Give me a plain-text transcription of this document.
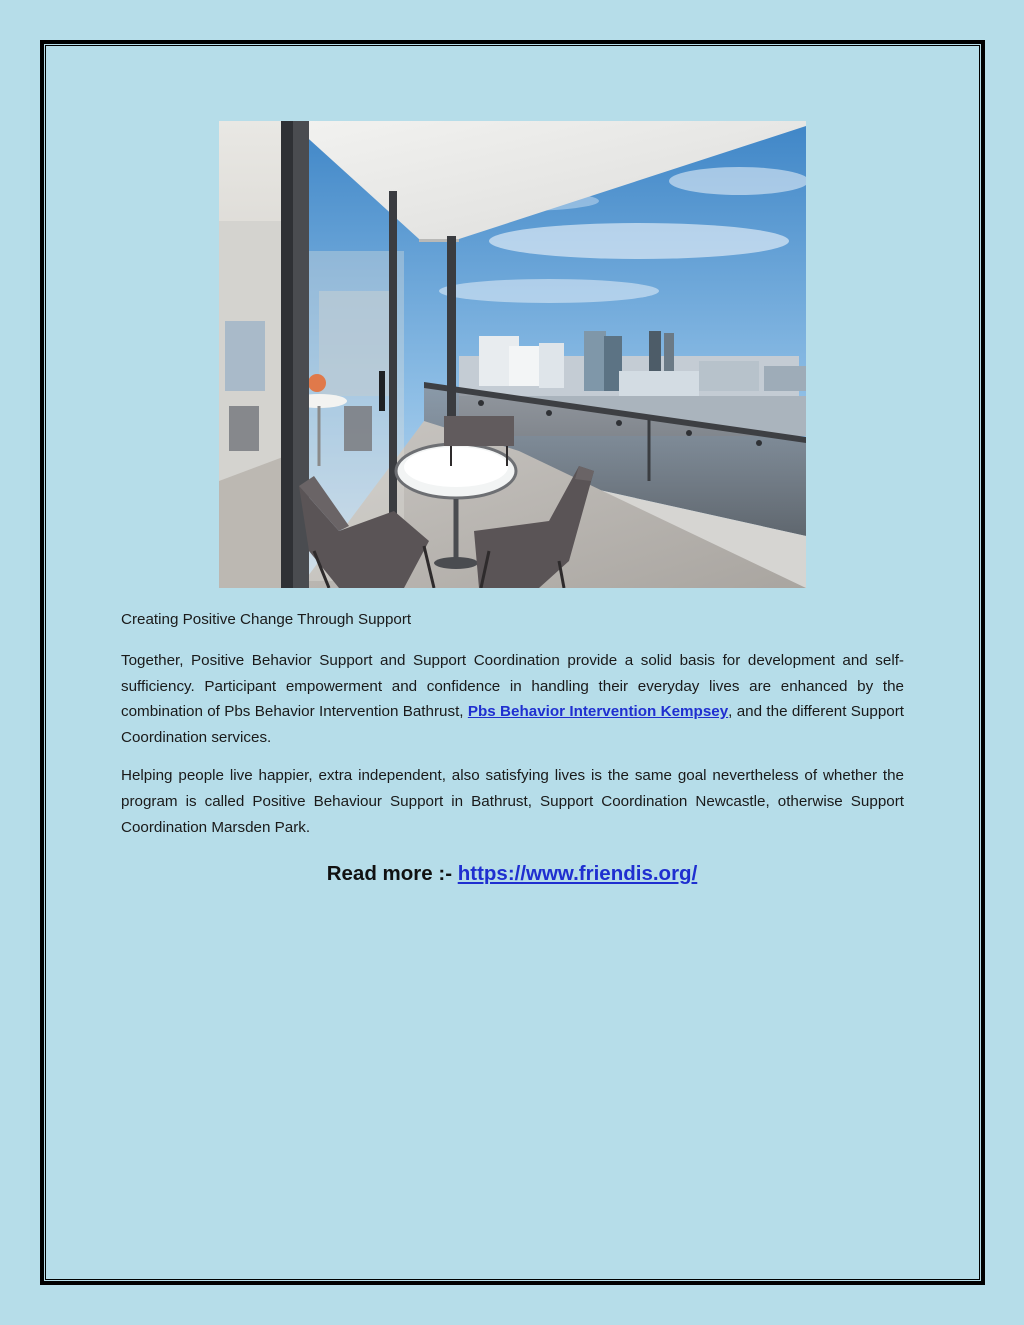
Creating Positive Change Through Support

Together, Positive Behavior Support and Support Coordination provide a solid basis for development and self-sufficiency. Participant empowerment and confidence in handling their everyday lives are enhanced by the combination of Pbs Behavior Intervention Bathrust, Pbs Behavior Intervention Kempsey, and the different Support Coordination services.

Helping people live happier, extra independent, also satisfying lives is the same goal nevertheless of whether the program is called Positive Behaviour Support in Bathrust, Support Coordination Newcastle, otherwise Support Coordination Marsden Park.

Read more :- https://www.friendis.org/
